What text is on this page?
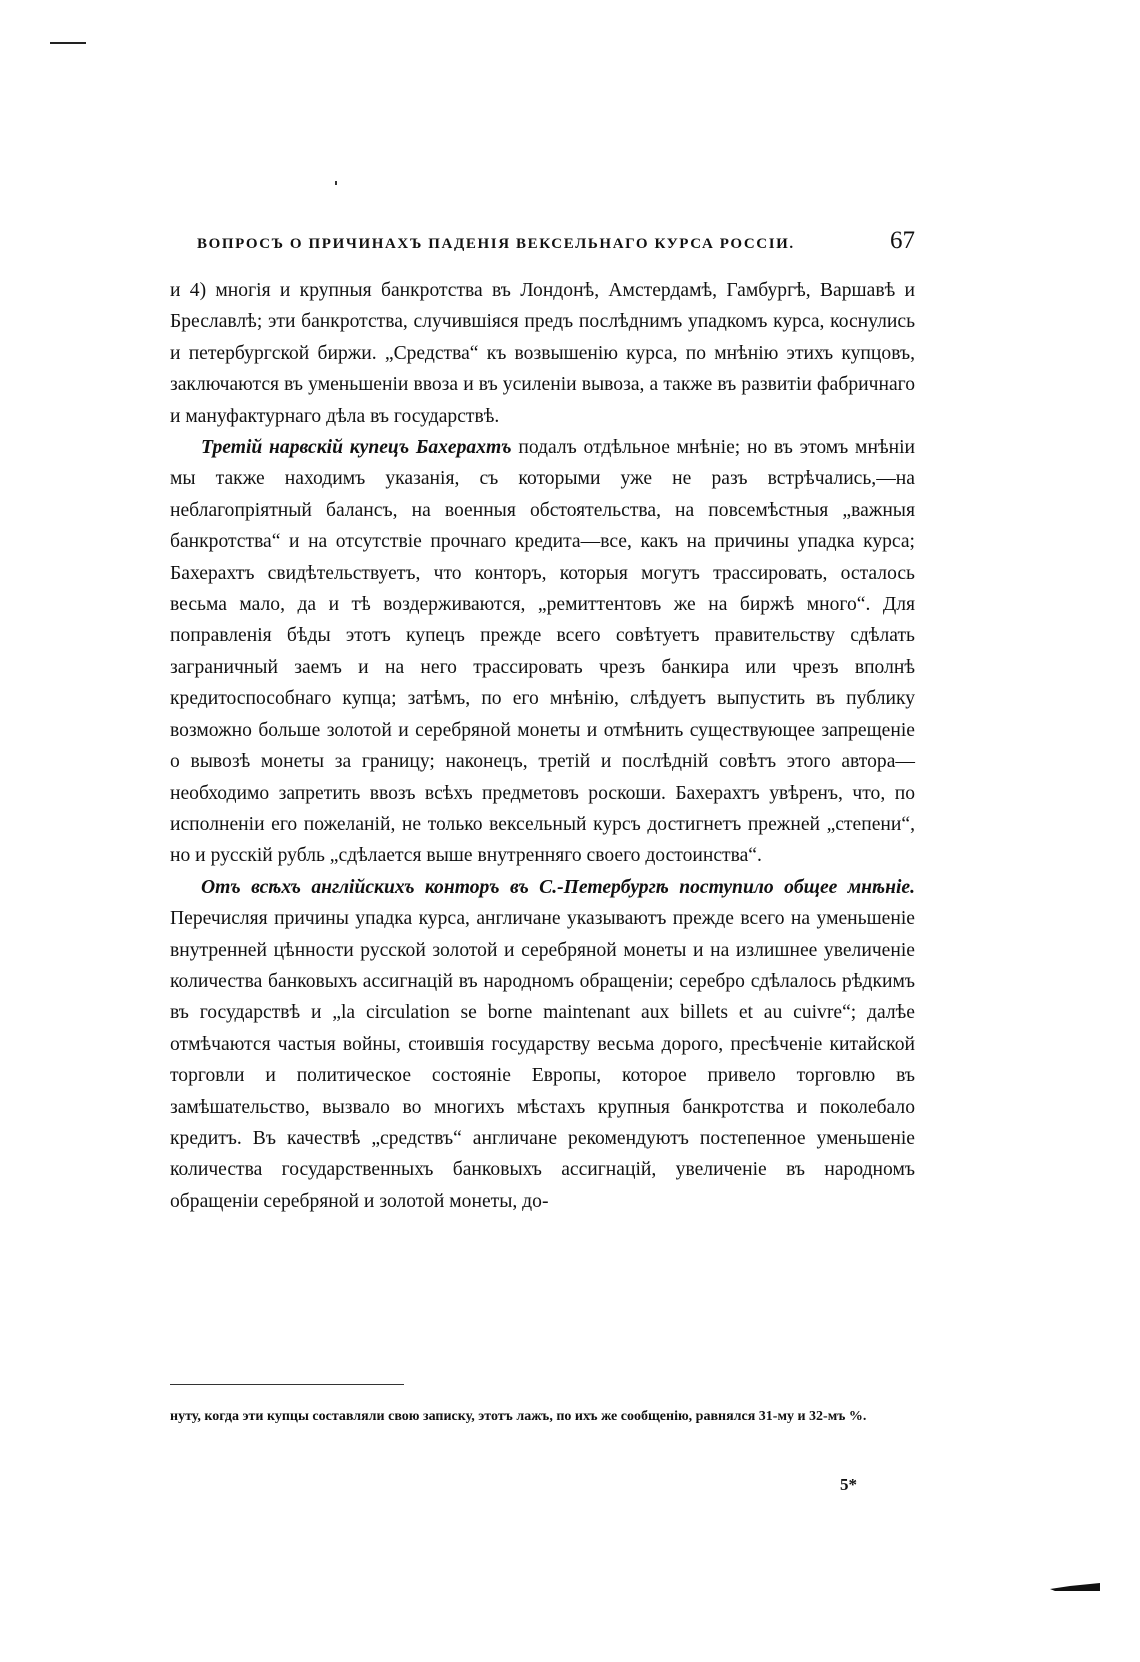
ВОПРОСЪ О ПРИЧИНАХЪ ПАДЕНІЯ ВЕКСЕЛЬНАГО КУРСА РОССІИ.	67

и 4) многія и крупныя банкротства въ Лондонѣ, Амстердамѣ, Гамбургѣ, Варшавѣ и Бреславлѣ; эти банкротства, случившіяся предъ послѣднимъ упадкомъ курса, коснулись и петербургской биржи. „Средства“ къ возвышенію курса, по мнѣнію этихъ купцовъ, заключаются въ уменьшеніи ввоза и въ усиленіи вывоза, а также въ развитіи фабричнаго и мануфактурнаго дѣла въ государствѣ.

Третій нарвскій купецъ Бахерахтъ подалъ отдѣльное мнѣніе; но въ этомъ мнѣніи мы также находимъ указанія, съ которыми уже не разъ встрѣчались,—на неблагопріятный балансъ, на военныя обстоятельства, на повсемѣстныя „важныя банкротства“ и на отсутствіе прочнаго кредита—все, какъ на причины упадка курса; Бахерахтъ свидѣтельствуетъ, что конторъ, которыя могутъ трассировать, осталось весьма мало, да и тѣ воздерживаются, „ремиттентовъ же на биржѣ много“. Для поправленія бѣды этотъ купецъ прежде всего совѣтуетъ правительству сдѣлать заграничный заемъ и на него трассировать чрезъ банкира или чрезъ вполнѣ кредитоспособнаго купца; затѣмъ, по его мнѣнію, слѣдуетъ выпустить въ публику возможно больше золотой и серебряной монеты и отмѣнить существующее запрещеніе о вывозѣ монеты за границу; наконецъ, третій и послѣдній совѣтъ этого автора—необходимо запретить ввозъ всѣхъ предметовъ роскоши. Бахерахтъ увѣренъ, что, по исполненіи его пожеланій, не только вексельный курсъ достигнетъ прежней „степени“, но и русскій рубль „сдѣлается выше внутренняго своего достоинства“.

Отъ всѣхъ англійскихъ конторъ въ С.-Петербургѣ поступило общее мнѣніе. Перечисляя причины упадка курса, англичане указываютъ прежде всего на уменьшеніе внутренней цѣнности русской золотой и серебряной монеты и на излишнее увеличеніе количества банковыхъ ассигнацій въ народномъ обращеніи; серебро сдѣлалось рѣдкимъ въ государствѣ и „la circulation se borne maintenant aux billets et au cuivre“; далѣе отмѣчаются частыя войны, стоившія государству весьма дорого, пресѣченіе китайской торговли и политическое состояніе Европы, которое привело торговлю въ замѣшательство, вызвало во многихъ мѣстахъ крупныя банкротства и поколебало кредитъ. Въ качествѣ „средствъ“ англичане рекомендуютъ постепенное уменьшеніе количества государственныхъ банковыхъ ассигнацій, увеличеніе въ народномъ обращеніи серебряной и золотой монеты, до-

нуту, когда эти купцы составляли свою записку, этотъ лажъ, по ихъ же сообщенію, равнялся 31-му и 32-мъ %.

5*
